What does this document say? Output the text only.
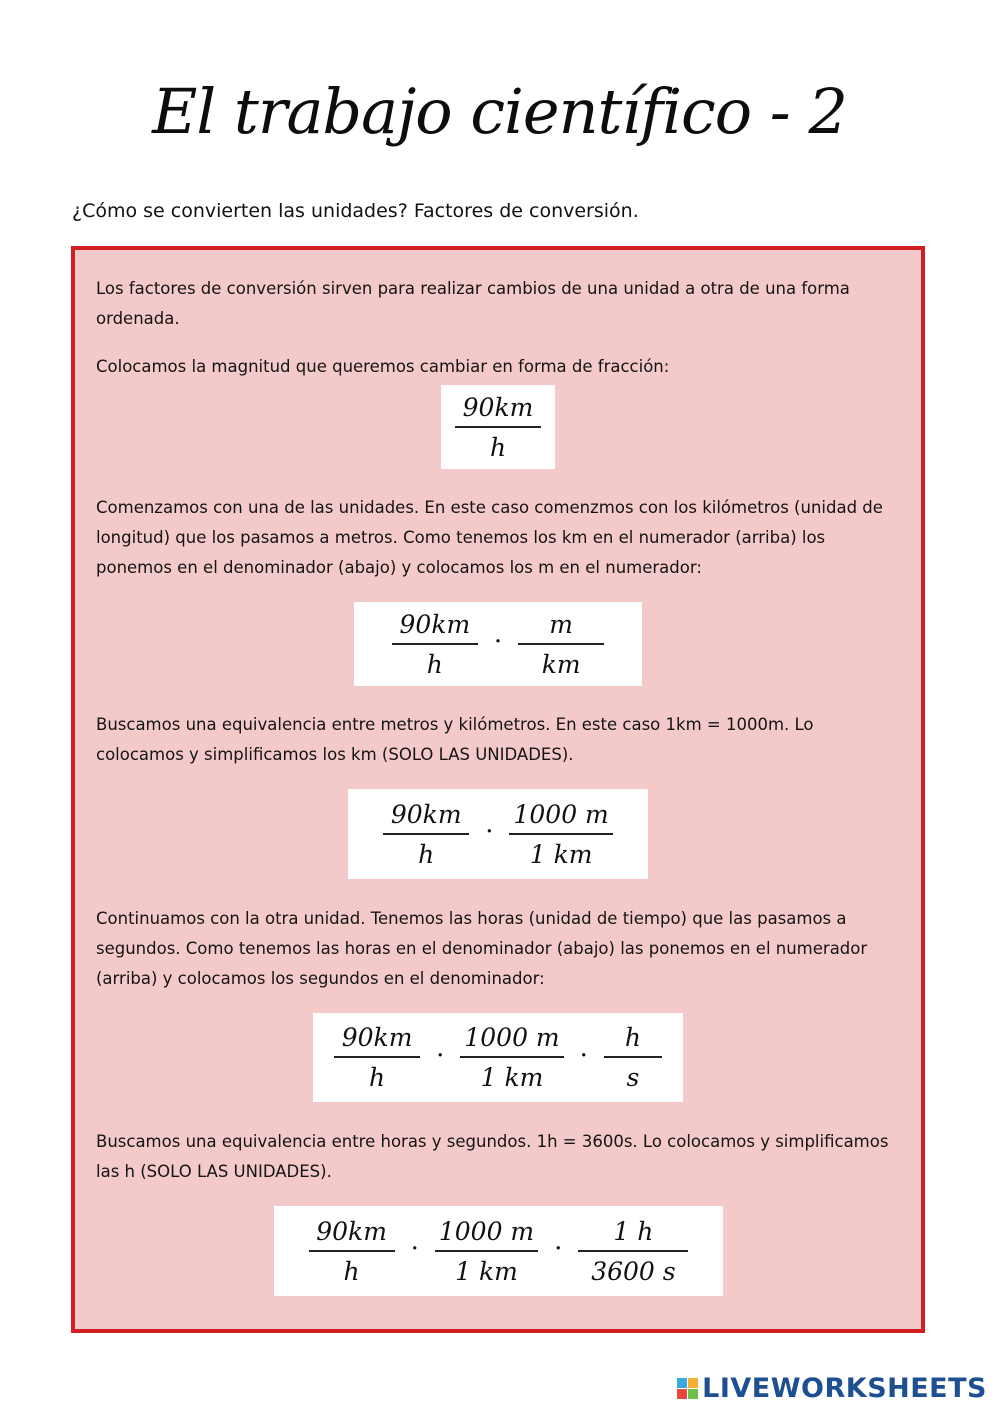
El trabajo científico - 2
¿Cómo se convierten las unidades? Factores de conversión.
Los factores de conversión sirven para realizar cambios de una unidad a otra de una forma ordenada.
Colocamos la magnitud que queremos cambiar en forma de fracción:
$\frac{90km}{h}$
Comenzamos con una de las unidades. En este caso comenzmos con los kilómetros (unidad de longitud) que los pasamos a metros. Como tenemos los km en el numerador (arriba) los ponemos en el denominador (abajo) y colocamos los m en el numerador:
$\frac{90km}{h} \cdot \frac{m}{km}$
Buscamos una equivalencia entre metros y kilómetros. En este caso 1km = 1000m. Lo colocamos y simplificamos los km (SOLO LAS UNIDADES).
$\frac{90km}{h} \cdot \frac{1000 m}{1 km}$
Continuamos con la otra unidad. Tenemos las horas (unidad de tiempo) que las pasamos a segundos. Como tenemos las horas en el denominador (abajo) las ponemos en el numerador (arriba) y colocamos los segundos en el denominador:
$\frac{90km}{h} \cdot \frac{1000 m}{1 km} \cdot \frac{h}{s}$
Buscamos una equivalencia entre horas y segundos. 1h = 3600s. Lo colocamos y simplificamos las h (SOLO LAS UNIDADES).
$\frac{90km}{h} \cdot \frac{1000 m}{1 km} \cdot \frac{1 h}{3600 s}$
LIVEWORKSHEETS
